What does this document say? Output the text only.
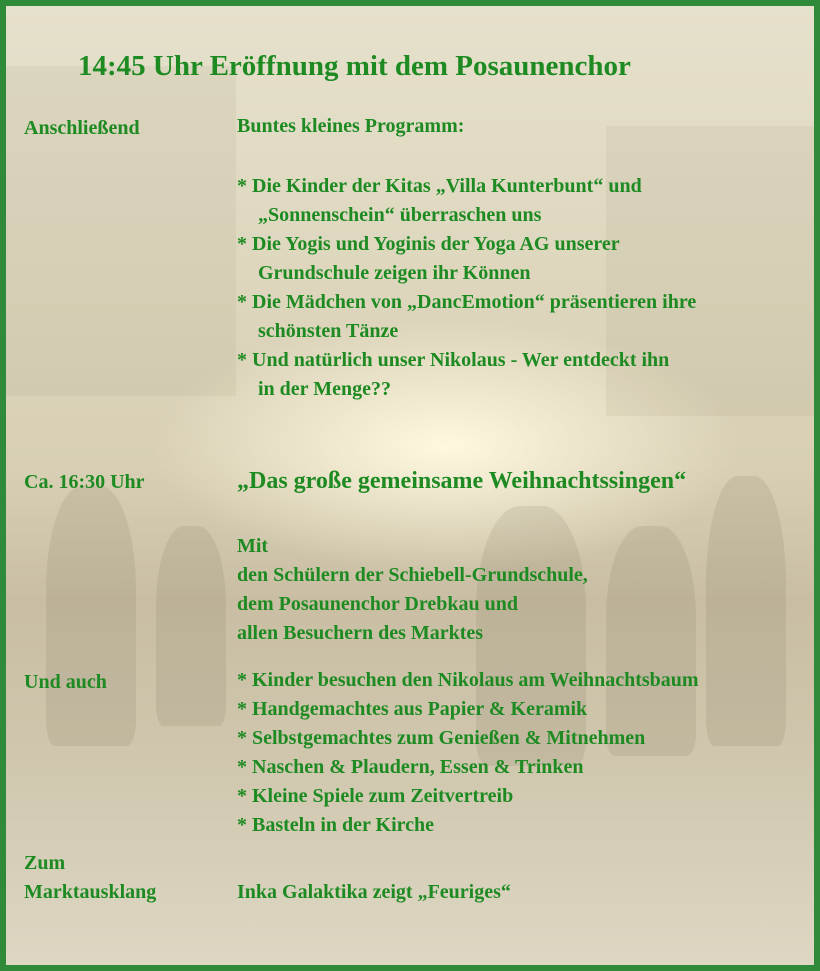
14:45 Uhr Eröffnung mit dem Posaunenchor
Anschließend	Buntes kleines Programm:
* Die Kinder der Kitas „Villa Kunterbunt“ und
„Sonnenschein“ überraschen uns
* Die Yogis und Yoginis der Yoga AG unserer
Grundschule zeigen ihr Können
* Die Mädchen von „DancEmotion“ präsentieren ihre
schönsten Tänze
* Und natürlich unser Nikolaus - Wer entdeckt ihn
in der Menge??
Ca. 16:30 Uhr	„Das große gemeinsame Weihnachtssingen“
Mit
den Schülern der Schiebell-Grundschule,
dem Posaunenchor Drebkau und
allen Besuchern des Marktes
Und auch	* Kinder besuchen den Nikolaus am Weihnachtsbaum
* Handgemachtes aus Papier & Keramik
* Selbstgemachtes zum Genießen & Mitnehmen
* Naschen & Plaudern, Essen & Trinken
* Kleine Spiele zum Zeitvertreib
* Basteln in der Kirche
Zum
Marktausklang	Inka Galaktika zeigt „Feuriges“
